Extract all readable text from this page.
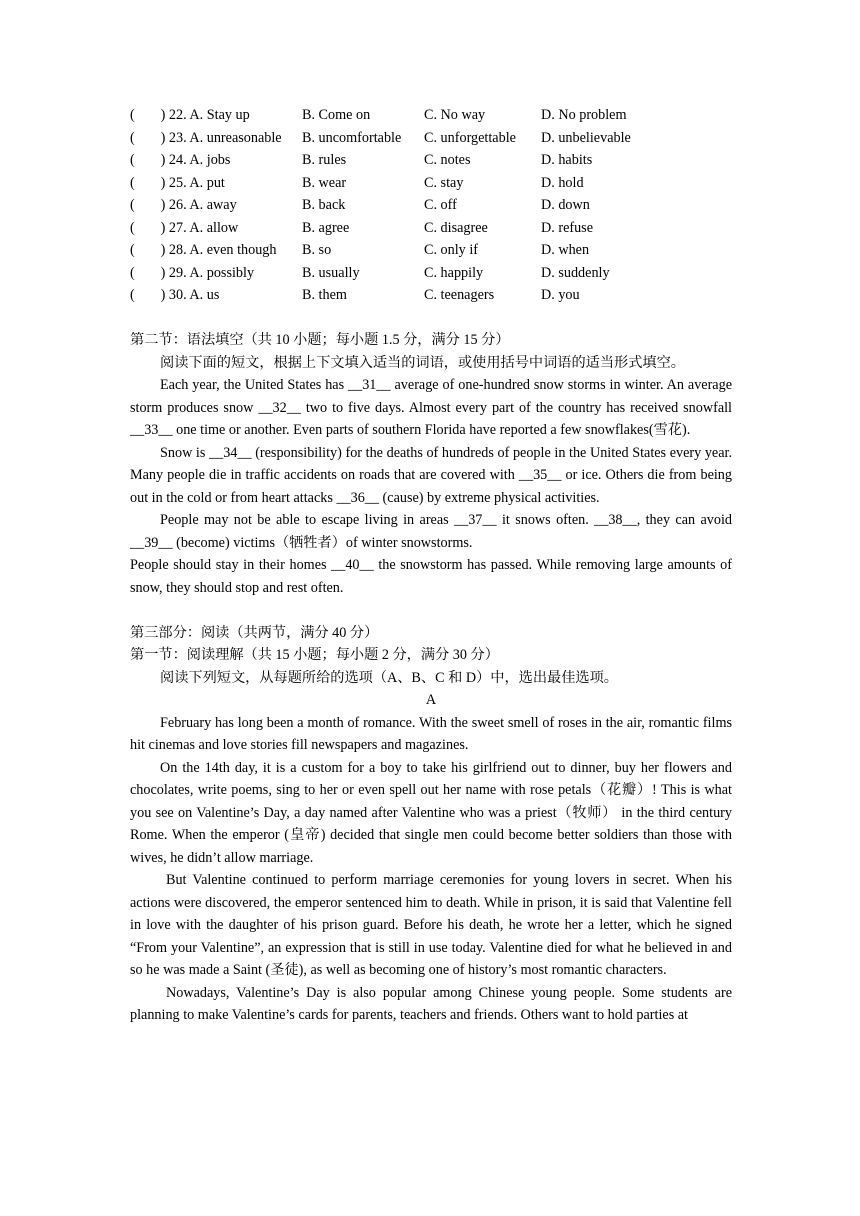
( ) 22. A. Stay up	B. Come on	C. No way	D. No problem
( ) 23. A. unreasonable B. uncomfortable C. unforgettable D. unbelievable
( ) 24. A. jobs	B. rules	C. notes	D. habits
( ) 25. A. put	B. wear	C. stay	D. hold
( ) 26. A. away	B. back	C. off	D. down
( ) 27. A. allow	B. agree	C. disagree	D. refuse
( ) 28. A. even though B. so	C. only if	D. when
( ) 29. A. possibly	B. usually	C. happily	D. suddenly
( ) 30. A. us	B. them	C. teenagers	D. you
第二节：语法填空（共 10 小题；每小题 1.5 分，满分 15 分）

阅读下面的短文，根据上下文填入适当的词语，或使用括号中词语的适当形式填空。

Each year, the United States has __31__ average of one-hundred snow storms in winter. An average storm produces snow __32__ two to five days. Almost every part of the country has received snowfall __33__ one time or another. Even parts of southern Florida have reported a few snowflakes(雪花).

Snow is __34__ (responsibility) for the deaths of hundreds of people in the United States every year. Many people die in traffic accidents on roads that are covered with __35__ or ice. Others die from being out in the cold or from heart attacks __36__ (cause) by extreme physical activities.

People may not be able to escape living in areas __37__ it snows often. __38__, they can avoid __39__ (become) victims（牺牲者）of winter snowstorms.

People should stay in their homes __40__ the snowstorm has passed. While removing large amounts of snow, they should stop and rest often.

第三部分：阅读（共两节，满分 40 分）
第一节：阅读理解（共 15 小题；每小题 2 分，满分 30 分）

阅读下列短文，从每题所给的选项（A、B、C 和 D）中，选出最佳选项。

A

February has long been a month of romance. With the sweet smell of roses in the air, romantic films hit cinemas and love stories fill newspapers and magazines.

On the 14th day, it is a custom for a boy to take his girlfriend out to dinner, buy her flowers and chocolates, write poems, sing to her or even spell out her name with rose petals（花瓣）! This is what you see on Valentine’s Day, a day named after Valentine who was a priest（牧师） in the third century Rome. When the emperor (皇帝) decided that single men could become better soldiers than those with wives, he didn’t allow marriage.

But Valentine continued to perform marriage ceremonies for young lovers in secret. When his actions were discovered, the emperor sentenced him to death. While in prison, it is said that Valentine fell in love with the daughter of his prison guard. Before his death, he wrote her a letter, which he signed “From your Valentine”, an expression that is still in use today. Valentine died for what he believed in and so he was made a Saint (圣徒), as well as becoming one of history’s most romantic characters.

Nowadays, Valentine’s Day is also popular among Chinese young people. Some students are planning to make Valentine’s cards for parents, teachers and friends. Others want to hold parties at
